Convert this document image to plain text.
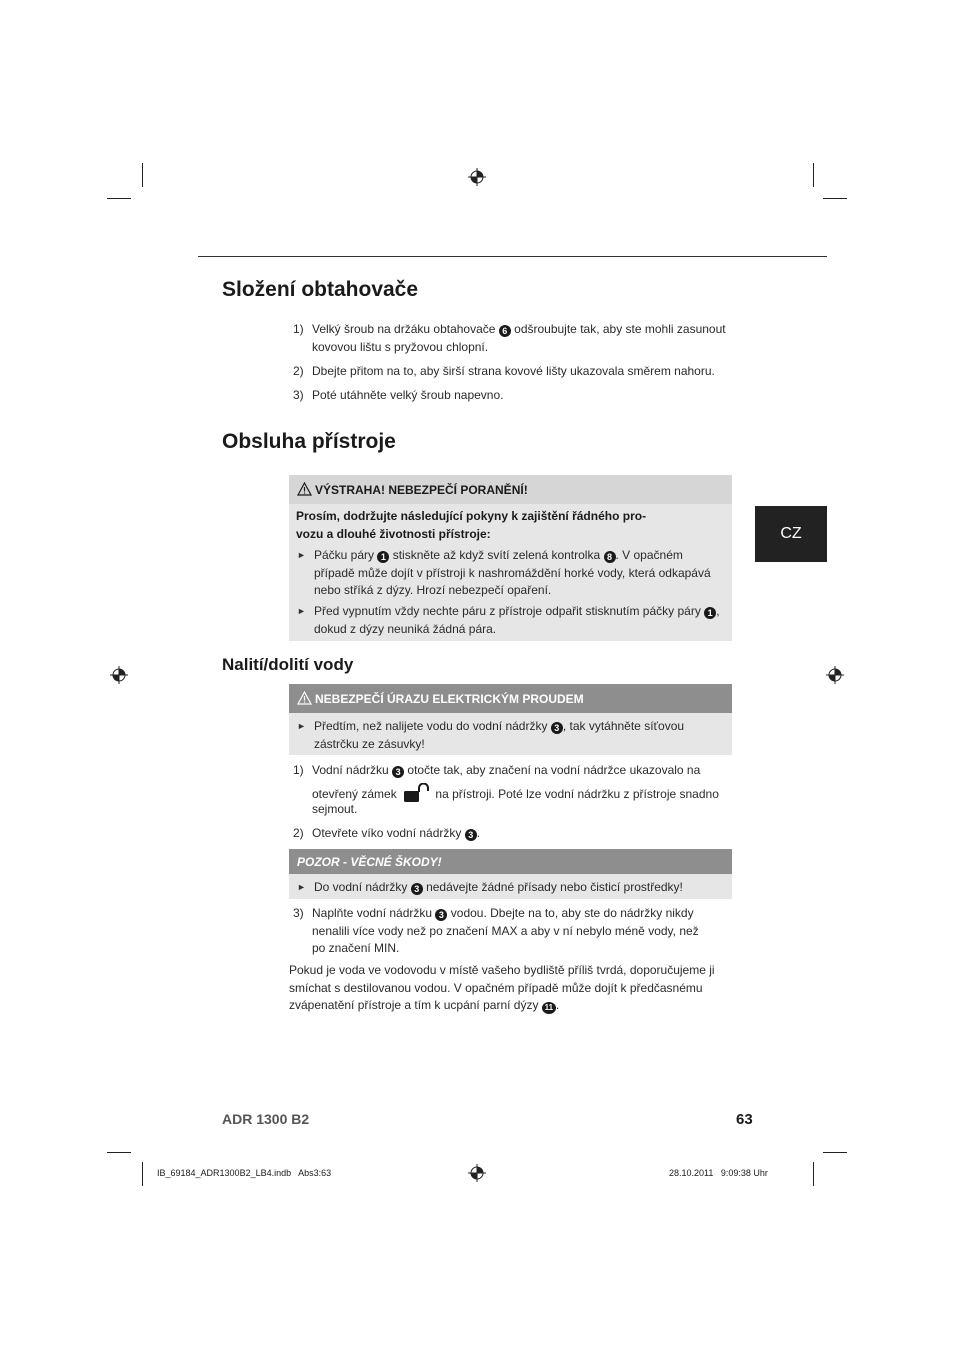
Složení obtahovače
1) Velký šroub na držáku obtahovače 6 odšroubujte tak, aby ste mohli zasunout
kovovou lištu s pryžovou chlopní.
2) Dbejte přitom na to, aby širší strana kovové lišty ukazovala směrem nahoru.
3) Poté utáhněte velký šroub napevno.
Obsluha přístroje
VÝSTRAHA! NEBEZPEČÍ PORANĚNÍ!
Prosím, dodržujte následující pokyny k zajištění řádného pro-
vozu a dlouhé životnosti přístroje:
► Páčku páry 1 stiskněte až když svítí zelená kontrolka 8 . V opačném
případě může dojít v přístroji k nashromáždění horké vody, která odkapává
nebo stříká z dýzy. Hrozí nebezpečí opaření.
► Před vypnutím vždy nechte páru z přístroje odpařit stisknutím páčky páry 1 ,
dokud z dýzy neuniká žádná pára.
Nalití/dolití vody
NEBEZPEČÍ ÚRAZU ELEKTRICKÝM PROUDEM
► Předtím, než nalijete vodu do vodní nádržky 3 , tak vytáhněte síťovou
zástrčku ze zásuvky!
1) Vodní nádržku 3 otočte tak, aby značení na vodní nádržce ukazovalo na
otevřený zámek	na přístroji. Poté lze vodní nádržku z přístroje snadno
sejmout.
2) Otevřete víko vodní nádržky 3 .
POZOR - VĚCNÉ ŠKODY!
► Do vodní nádržky 3 nedávejte žádné přísady nebo čisticí prostředky!
3) Naplňte vodní nádržku 3 vodou. Dbejte na to, aby ste do nádržky nikdy
nenalili více vody než po značení MAX a aby v ní nebylo méně vody, než
po značení MIN.
Pokud je voda ve vodovodu v místě vašeho bydliště příliš tvrdá, doporučujeme ji
smíchat s destilovanou vodou. V opačném případě může dojít k předčasnému
zvápenatění přístroje a tím k ucpání parní dýzy 11 .
CZ
ADR 1300 B2	63
IB_69184_ADR1300B2_LB4.indb   Abs3:63	28.10.2011   9:09:38 Uhr
